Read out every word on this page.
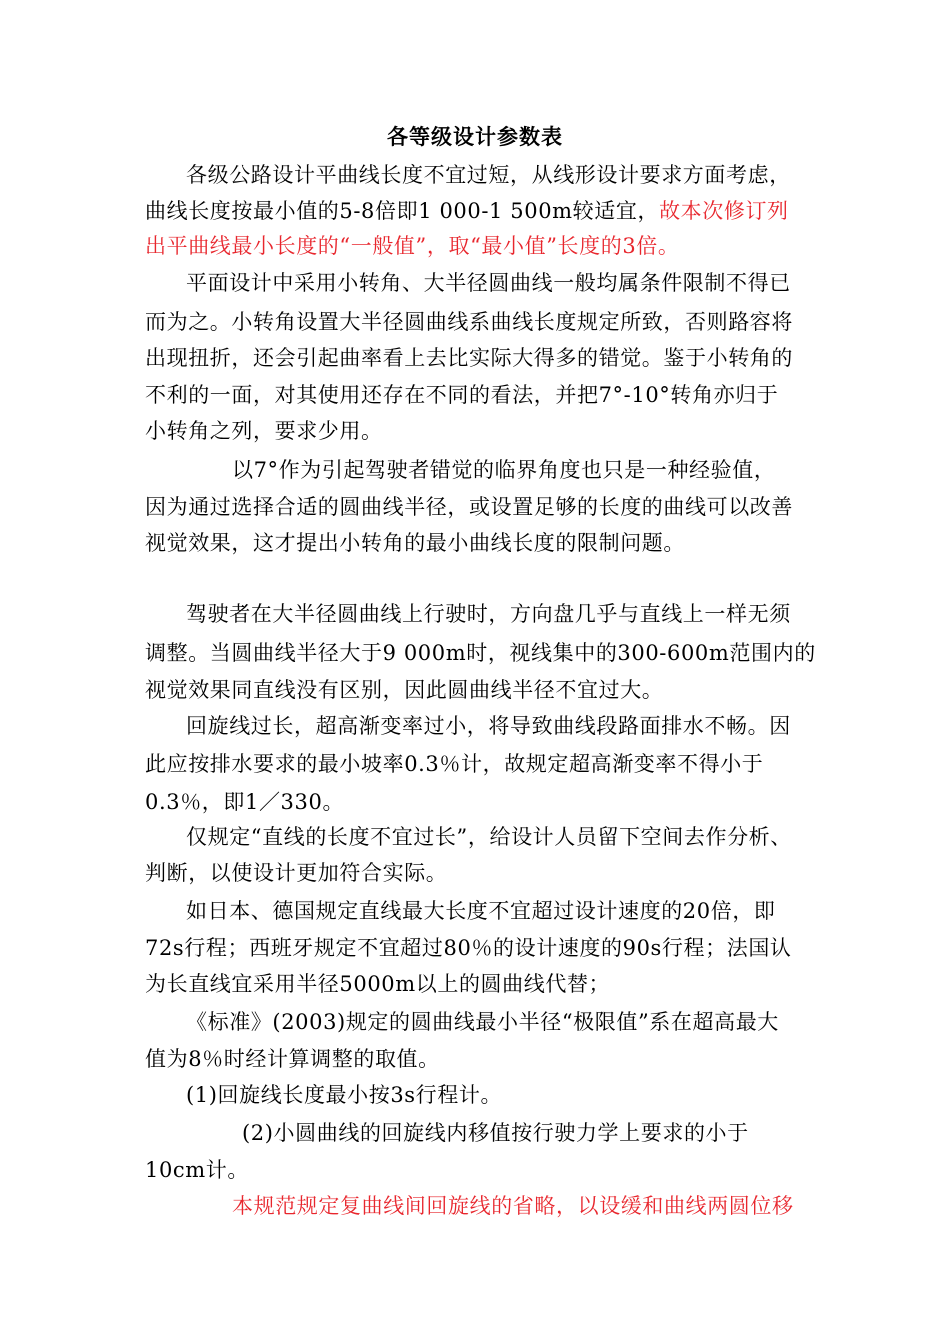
各等级设计参数表
各级公路设计平曲线长度不宜过短，从线形设计要求方面考虑，
曲线长度按最小值的5-8倍即1 000-1 500m较适宜，故本次修订列
出平曲线最小长度的“一般值”，取“最小值”长度的3倍。
平面设计中采用小转角、大半径圆曲线一般均属条件限制不得已
而为之。小转角设置大半径圆曲线系曲线长度规定所致，否则路容将
出现扭折，还会引起曲率看上去比实际大得多的错觉。鉴于小转角的
不利的一面，对其使用还存在不同的看法，并把7°-10°转角亦归于
小转角之列，要求少用。
以7°作为引起驾驶者错觉的临界角度也只是一种经验值，
因为通过选择合适的圆曲线半径，或设置足够的长度的曲线可以改善
视觉效果，这才提出小转角的最小曲线长度的限制问题。
驾驶者在大半径圆曲线上行驶时，方向盘几乎与直线上一样无须
调整。当圆曲线半径大于9 000m时，视线集中的300-600m范围内的
视觉效果同直线没有区别，因此圆曲线半径不宜过大。
回旋线过长，超高渐变率过小，将导致曲线段路面排水不畅。因
此应按排水要求的最小坡率0.3％计，故规定超高渐变率不得小于
0.3％，即1／330。
仅规定“直线的长度不宜过长”，给设计人员留下空间去作分析、
判断，以使设计更加符合实际。
如日本、德国规定直线最大长度不宜超过设计速度的20倍，即
72s行程；西班牙规定不宜超过80％的设计速度的90s行程；法国认
为长直线宜采用半径5000m以上的圆曲线代替；
《标准》(2003)规定的圆曲线最小半径“极限值”系在超高最大
值为8％时经计算调整的取值。
(1)回旋线长度最小按3s行程计。
(2)小圆曲线的回旋线内移值按行驶力学上要求的小于
10cm计。
本规范规定复曲线间回旋线的省略，以设缓和曲线两圆位移
